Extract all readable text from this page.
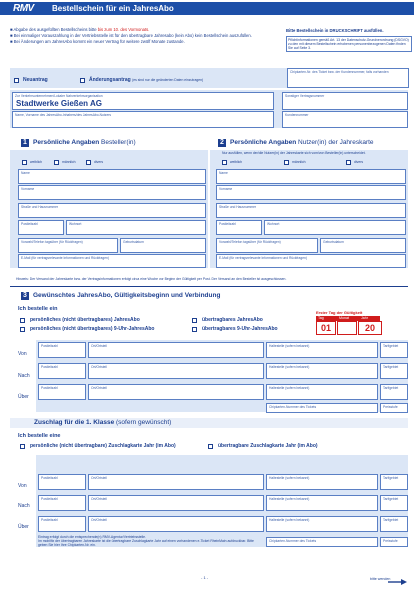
RMV	Bestellschein für ein JahresAbo
■ Abgabe des ausgefüllten Bestellscheins bitte bis zum 10. des Vormonats.
■ Bei einmaliger Vorauszahlung in der Vertriebsstelle ist für den übertragbare Jahresabo (kein Abo) kein Bestellschein auszufüllen.
■ Bei Änderungen am JahresAbo kommt ein neuer Vertrag für weitere zwölf Monate zustande.
Bitte Bestellschein in DRUCKSCHRIFT ausfüllen.
Pflichtinformationen gemäß Art. 13 der Datenschutz-Grundverordnung (DSGVO) zu den mit diesem Bestellschein erhobenen personenbezogenen Daten finden Sie auf Seite 3.
Neuantrag	Änderungsantrag (es sind nur die geänderten Daten einzutragen)
Chipkarten-Nr. des Ticket bzw. der Kundennummer, falls vorhanden
Zur Verkehrsunternehmen/Lokaler Nahverkehrsorganisation
Stadtwerke Gießen AG
Sonstiger Vertragsnummer
Name, Vorname des JahresAbo-Inhabers/des JahresAbo-Nutzers	Kundennummer
1 Persönliche Angaben Besteller(in)
weiblich	männlich	divers
Name
Vorname
Straße und Hausnummer
Postleitzahl	Wohnort
Vorwahl/Telefon tagsüber (für Rückfragen)	Geburtsdatum
E-Mail (für vertragsrelevante Informationen und Rückfragen)
2 Persönliche Angaben Nutzer(in) der Jahreskarte
Nur ausfüllen, wenn der/die Nutzer(in) der Jahreskarte sich vom/von Besteller(in) unterscheidet.
weiblich	männlich	divers
Name
Vorname
Straße und Hausnummer
Postleitzahl	Wohnort
Vorwahl/Telefon tagsüber (für Rückfragen)	Geburtsdatum
E-Mail (für vertragsrelevante Informationen und Rückfragen)
Hinweis: Der Versand der Jahreskarte bzw. der Vertragsinformationen erfolgt circa eine Woche vor Beginn der Gültigkeit per Post. Der Versand an den Besteller ist ausgeschlossen.
3 Gewünschtes JahresAbo, Gültigkeitsbeginn und Verbindung
Ich bestelle ein
persönliches (nicht übertragbares) JahresAbo
persönliches (nicht übertragbares) 9-Uhr-JahresAbo
übertragbares JahresAbo
übertragbares 9-Uhr-JahresAbo
Erster Tag der Gültigkeit
Tag	Monat	Jahr
01	20
Von
Nach
Über
Postleitzahl	Ort/Ortsteil	Haltestelle (sofern bekannt)	Tarifgebiet
Postleitzahl	Ort/Ortsteil	Haltestelle (sofern bekannt)	Tarifgebiet
Postleitzahl	Ort/Ortsteil	Haltestelle (sofern bekannt)	Tarifgebiet
Chipkarten-Nummer des Tickets	Preisstufe
Zuschlag für die 1. Klasse (sofern gewünscht)
Ich bestelle eine
persönliche (nicht übertragbare) Zuschlagkarte Jahr (im Abo)	übertragbare Zuschlagkarte Jahr (im Abo)
Von
Nach
Über
Postleitzahl	Ort/Ortsteil	Haltestelle (sofern bekannt)	Tarifgebiet
Postleitzahl	Ort/Ortsteil	Haltestelle (sofern bekannt)	Tarifgebiet
Postleitzahl	Ort/Ortsteil	Haltestelle (sofern bekannt)	Tarifgebiet
Eintrag erfolgt durch die entsprechende(n) RMV-Agentur/Vertriebsstelle.
Im mobilfix der übertragbaren Jahreskarte ist die übertragbare Zuschlagkarte Jahr auf einen vorhandenen e-Ticket RheinMain aufdruckbar. Bitte geben Sie hier Ihre Chipkarten-Nr. ein.
Chipkarten-Nummer des Tickets	Preisstufe
- 1 -	bitte wenden
